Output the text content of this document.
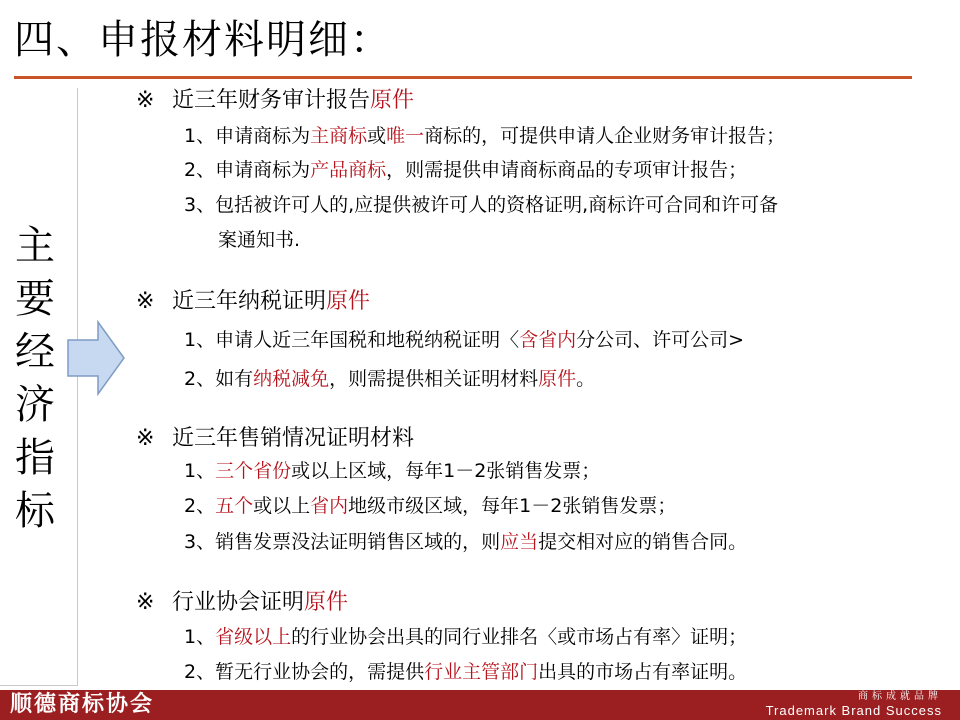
四、申报材料明细：
主
要
经
济
指
标
※ 近三年财务审计报告原件
1、申请商标为主商标或唯一商标的，可提供申请人企业财务审计报告；
2、申请商标为产品商标，则需提供申请商标商品的专项审计报告；
3、包括被许可人的,应提供被许可人的资格证明,商标许可合同和许可备
案通知书.
※ 近三年纳税证明原件
1、申请人近三年国税和地税纳税证明〈含省内分公司、许可公司>
2、如有纳税减免，则需提供相关证明材料原件。
※ 近三年售销情况证明材料
1、三个省份或以上区域，每年1－2张销售发票；
2、五个或以上省内地级市级区域，每年1－2张销售发票；
3、销售发票没法证明销售区域的，则应当提交相对应的销售合同。
※ 行业协会证明原件
1、省级以上的行业协会出具的同行业排名〈或市场占有率〉证明；
2、暂无行业协会的，需提供行业主管部门出具的市场占有率证明。
顺德商标协会	商标成就品牌
Trademark Brand Success
